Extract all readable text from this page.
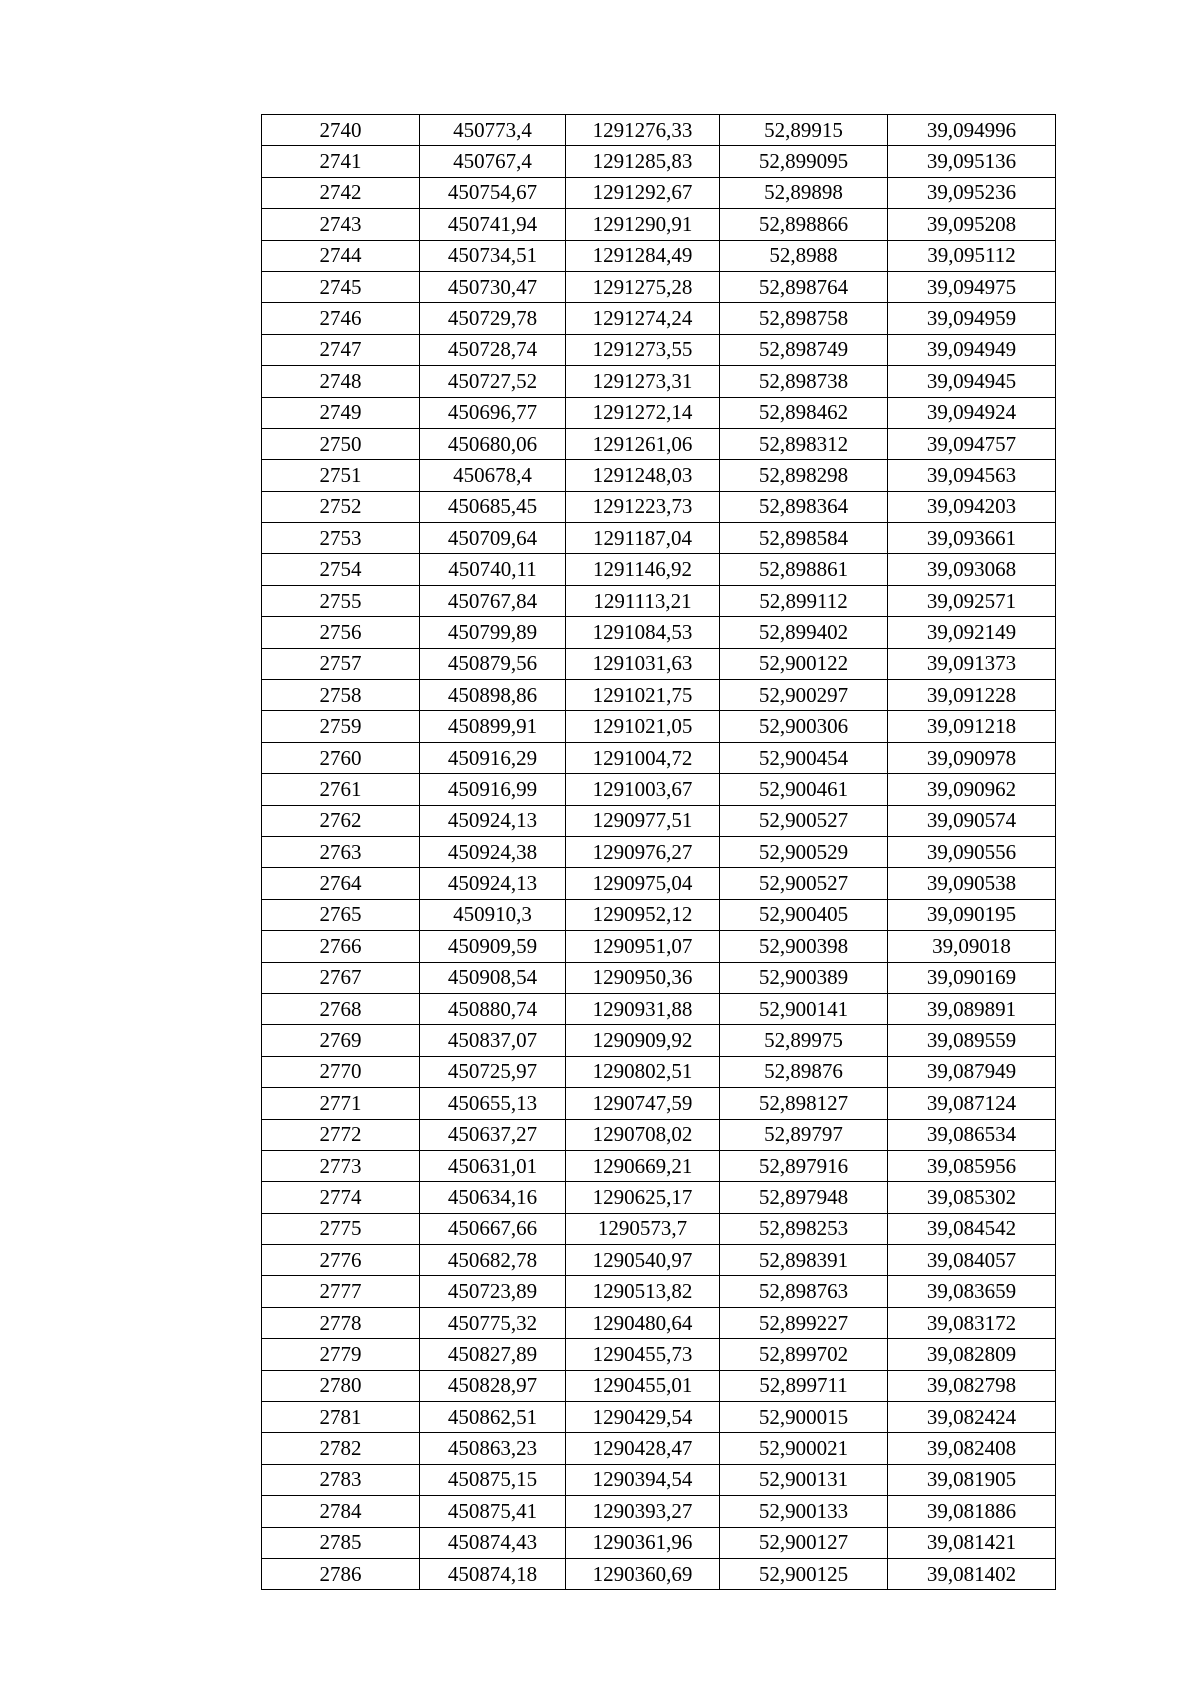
2740	450773,4	1291276,33	52,89915	39,094996
2741	450767,4	1291285,83	52,899095	39,095136
2742	450754,67	1291292,67	52,89898	39,095236
2743	450741,94	1291290,91	52,898866	39,095208
2744	450734,51	1291284,49	52,8988	39,095112
2745	450730,47	1291275,28	52,898764	39,094975
2746	450729,78	1291274,24	52,898758	39,094959
2747	450728,74	1291273,55	52,898749	39,094949
2748	450727,52	1291273,31	52,898738	39,094945
2749	450696,77	1291272,14	52,898462	39,094924
2750	450680,06	1291261,06	52,898312	39,094757
2751	450678,4	1291248,03	52,898298	39,094563
2752	450685,45	1291223,73	52,898364	39,094203
2753	450709,64	1291187,04	52,898584	39,093661
2754	450740,11	1291146,92	52,898861	39,093068
2755	450767,84	1291113,21	52,899112	39,092571
2756	450799,89	1291084,53	52,899402	39,092149
2757	450879,56	1291031,63	52,900122	39,091373
2758	450898,86	1291021,75	52,900297	39,091228
2759	450899,91	1291021,05	52,900306	39,091218
2760	450916,29	1291004,72	52,900454	39,090978
2761	450916,99	1291003,67	52,900461	39,090962
2762	450924,13	1290977,51	52,900527	39,090574
2763	450924,38	1290976,27	52,900529	39,090556
2764	450924,13	1290975,04	52,900527	39,090538
2765	450910,3	1290952,12	52,900405	39,090195
2766	450909,59	1290951,07	52,900398	39,09018
2767	450908,54	1290950,36	52,900389	39,090169
2768	450880,74	1290931,88	52,900141	39,089891
2769	450837,07	1290909,92	52,89975	39,089559
2770	450725,97	1290802,51	52,89876	39,087949
2771	450655,13	1290747,59	52,898127	39,087124
2772	450637,27	1290708,02	52,89797	39,086534
2773	450631,01	1290669,21	52,897916	39,085956
2774	450634,16	1290625,17	52,897948	39,085302
2775	450667,66	1290573,7	52,898253	39,084542
2776	450682,78	1290540,97	52,898391	39,084057
2777	450723,89	1290513,82	52,898763	39,083659
2778	450775,32	1290480,64	52,899227	39,083172
2779	450827,89	1290455,73	52,899702	39,082809
2780	450828,97	1290455,01	52,899711	39,082798
2781	450862,51	1290429,54	52,900015	39,082424
2782	450863,23	1290428,47	52,900021	39,082408
2783	450875,15	1290394,54	52,900131	39,081905
2784	450875,41	1290393,27	52,900133	39,081886
2785	450874,43	1290361,96	52,900127	39,081421
2786	450874,18	1290360,69	52,900125	39,081402
